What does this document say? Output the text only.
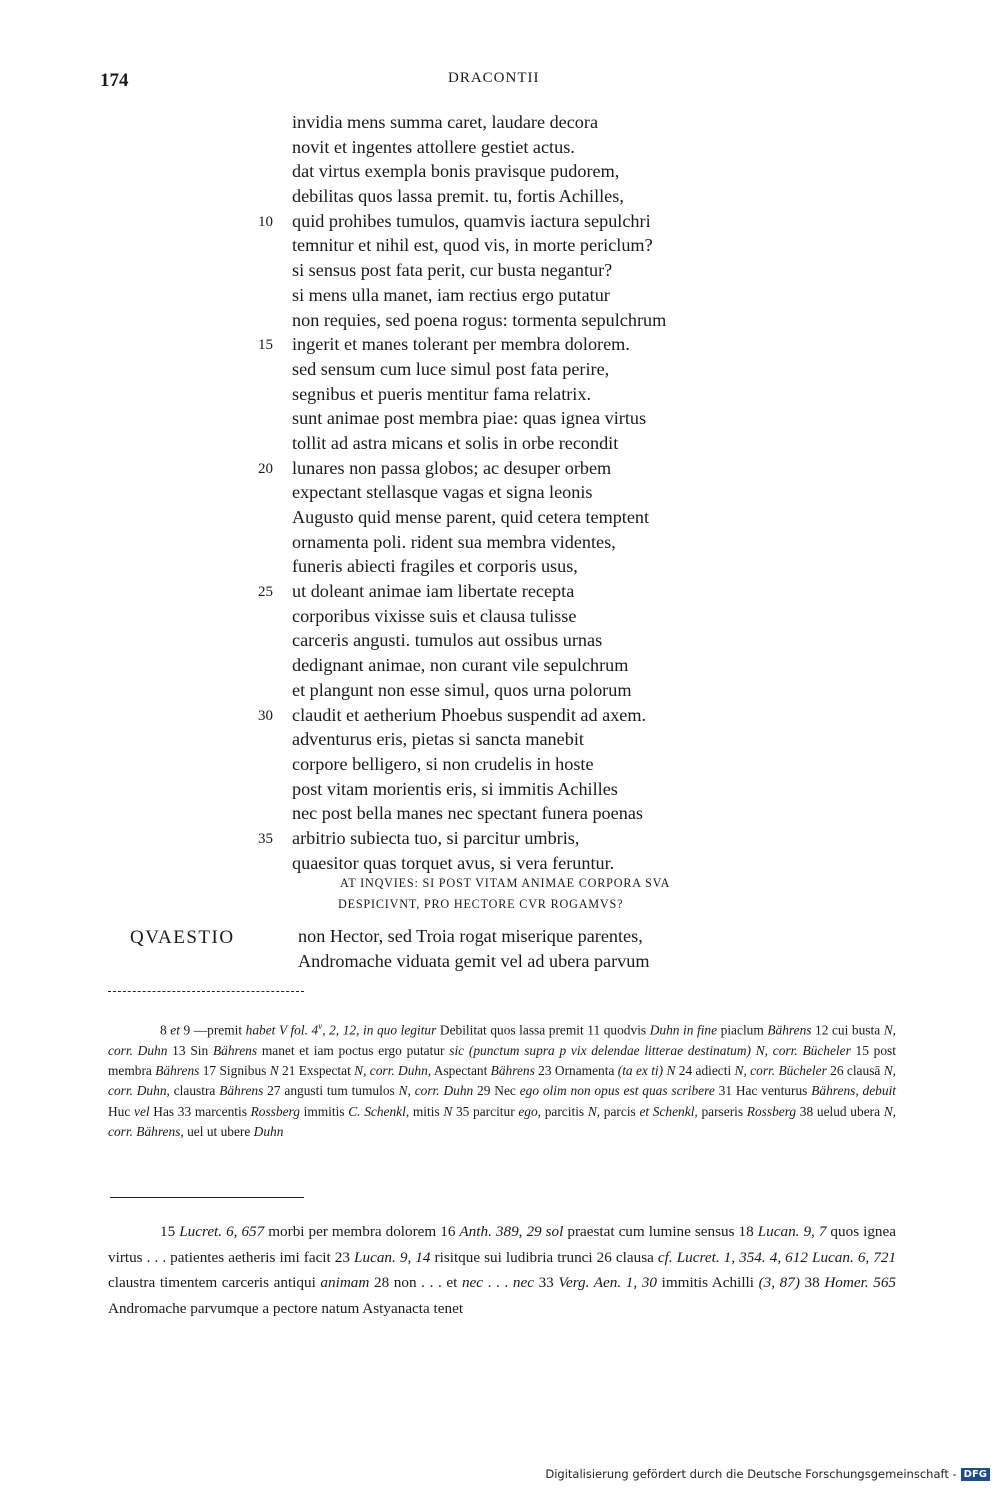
174	DRACONTII
invidia mens summa caret, laudare decora
novit et ingentes attollere gestiet actus.
dat virtus exempla bonis pravisque pudorem,
debilitas quos lassa premit. tu, fortis Achilles,
10 quid prohibes tumulos, quamvis iactura sepulchri
temnitur et nihil est, quod vis, in morte periclum?
si sensus post fata perit, cur busta negantur?
si mens ulla manet, iam rectius ergo putatur
non requies, sed poena rogus: tormenta sepulchrum
15 ingerit et manes tolerant per membra dolorem.
sed sensum cum luce simul post fata perire,
segnibus et pueris mentitur fama relatrix.
sunt animae post membra piae: quas ignea virtus
tollit ad astra micans et solis in orbe recondit
20 lunares non passa globos; ac desuper orbem
expectant stellasque vagas et signa leonis
Augusto quid mense parent, quid cetera temptent
ornamenta poli. rident sua membra videntes,
funeris abiecti fragiles et corporis usus,
25 ut doleant animae iam libertate recepta
corporibus vixisse suis et clausa tulisse
carceris angusti. tumulos aut ossibus urnas
dedignant animae, non curant vile sepulchrum
et plangunt non esse simul, quos urna polorum
30 claudit et aetherium Phoebus suspendit ad axem.
adventurus eris, pietas si sancta manebit
corpore belligero, si non crudelis in hoste
post vitam morientis eris, si immitis Achilles
nec post bella manes nec spectant funera poenas
35 arbitrio subiecta tuo, si parcitur umbris,
quaesitor quas torquet avus, si vera feruntur.
AT INQVIES: SI POST VITAM ANIMAE CORPORA SVA
DESPICIVNT, PRO HECTORE CVR ROGAMVS?
QVAESTIO	non Hector, sed Troia rogat miserique parentes,
Andromache viduata gemit vel ad ubera parvum
8 et 9 —premit habet V fol. 4$^v$, 2, 12, in quo legitur Debilitat quos lassa premit 11 quodvis Duhn in fine piaclum Bährens 12 cui busta N, corr. Duhn 13 Sin Bährens manet et iam poctus ergo putatur sic (punctum supra p vix delendae litterae destinatum) N, corr. Bücheler 15 post membra Bährens 17 Signibus N 21 Exspectat N, corr. Duhn, Aspectant Bährens 23 Ornamenta (ta ex ti) N 24 adiecti N, corr. Bücheler 26 clausā N, corr. Duhn, claustra Bährens 27 angusti tum tumulos N, corr. Duhn 29 Nec ego olim non opus est quas scribere 31 Hac venturus Bährens, debuit Huc vel Has 33 marcentis Rossberg immitis C. Schenkl, mitis N 35 parcitur ego, parcitis N, parcis et Schenkl, parseris Rossberg 38 uelud ubera N, corr. Bährens, uel ut ubere Duhn
15 Lucret. 6, 657 morbi per membra dolorem 16 Anth. 389, 29 sol praestat cum lumine sensus 18 Lucan. 9, 7 quos ignea virtus . . . patientes aetheris imi facit 23 Lucan. 9, 14 risitque sui ludibria trunci 26 clausa cf. Lucret. 1, 354. 4, 612 Lucan. 6, 721 claustra timentem carceris antiqui animam 28 non . . . et nec . . . nec 33 Verg. Aen. 1, 30 immitis Achilli (3, 87) 38 Homer. 565 Andromache parvumque a pectore natum Astyanacta tenet
Digitalisierung gefördert durch die Deutsche Forschungsgemeinschaft - DFG
